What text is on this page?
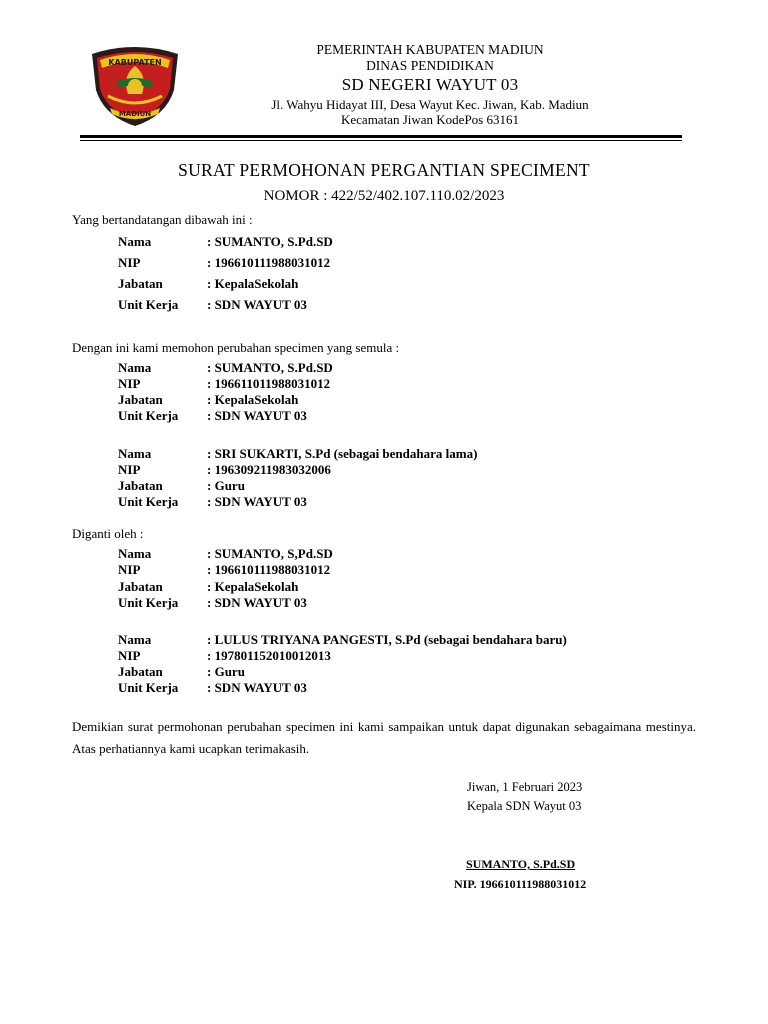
KABUPATEN
MADIUN
PEMERINTAH KABUPATEN MADIUN
DINAS PENDIDIKAN
SD NEGERI WAYUT 03
Jl. Wahyu Hidayat III, Desa Wayut Kec. Jiwan, Kab. Madiun
Kecamatan Jiwan KodePos 63161
SURAT PERMOHONAN PERGANTIAN SPECIMENT
NOMOR : 422/52/402.107.110.02/2023
Yang bertandatangan dibawah ini :
Nama	: SUMANTO, S.Pd.SD
NIP	: 196610111988031012
Jabatan	: KepalaSekolah
Unit Kerja : SDN WAYUT 03
Dengan ini kami memohon perubahan specimen yang semula :
Nama	: SUMANTO, S.Pd.SD
NIP	: 196611011988031012
Jabatan	: KepalaSekolah
Unit Kerja : SDN WAYUT 03
Nama	: SRI SUKARTI, S.Pd (sebagai bendahara lama)
NIP	: 196309211983032006
Jabatan	: Guru
Unit Kerja : SDN WAYUT 03
Diganti oleh :
Nama	: SUMANTO, S,Pd.SD
NIP	: 196610111988031012
Jabatan	: KepalaSekolah
Unit Kerja : SDN WAYUT 03
Nama	: LULUS TRIYANA PANGESTI, S.Pd (sebagai bendahara baru)
NIP	: 197801152010012013
Jabatan	: Guru
Unit Kerja : SDN WAYUT 03
Demikian surat permohonan perubahan specimen ini kami sampaikan untuk dapat digunakan sebagaimana mestinya. Atas perhatiannya kami ucapkan terimakasih.
Jiwan, 1 Februari 2023
Kepala SDN Wayut 03
SUMANTO, S.Pd.SD
NIP. 196610111988031012
